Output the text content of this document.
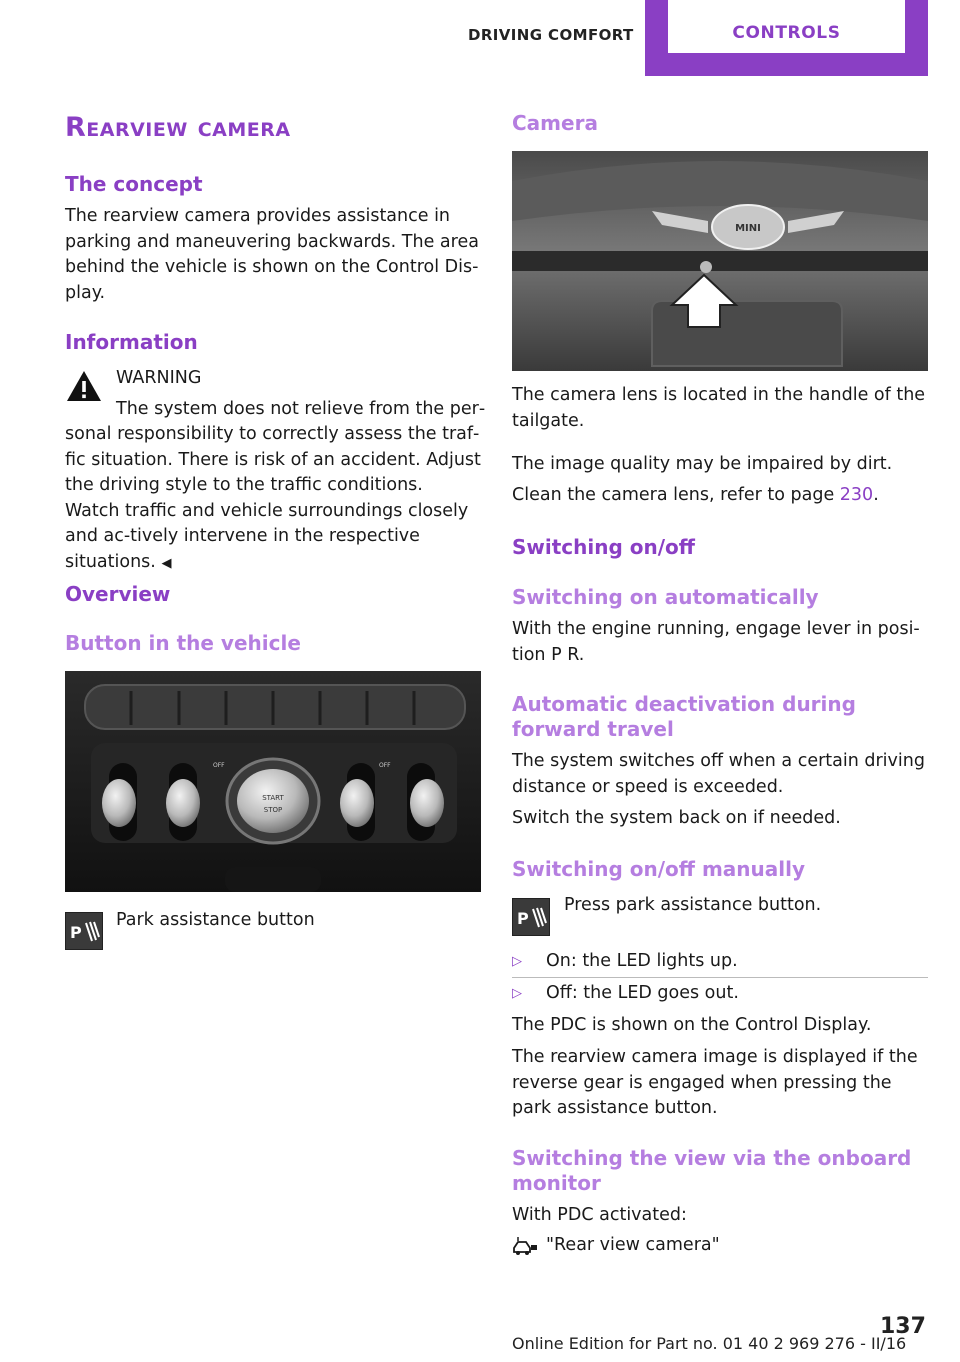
DRIVING COMFORT	CONTROLS
Rearview camera
The concept
The rearview camera provides assistance in parking and maneuvering backwards. The area behind the vehicle is shown on the Control Dis‐play.
Information
WARNING
The system does not relieve from the per‐
sonal responsibility to correctly assess the traf‐fic situation. There is risk of an accident. Adjust the driving style to the traffic conditions. Watch traffic and vehicle surroundings closely and ac‐tively intervene in the respective situations. ◀
Overview
Button in the vehicle
START
STOP
OFF	OFF
P
Park assistance button
Camera
MINI
The camera lens is located in the handle of the tailgate.
The image quality may be impaired by dirt.
Clean the camera lens, refer to page 230.
Switching on/off
Switching on automatically
With the engine running, engage lever in posi‐tion P R.
Automatic deactivation during forward travel
The system switches off when a certain driving distance or speed is exceeded.
Switch the system back on if needed.
Switching on/off manually
P
Press park assistance button.
▷ On: the LED lights up.
▷ Off: the LED goes out.
The PDC is shown on the Control Display.
The rearview camera image is displayed if the reverse gear is engaged when pressing the park assistance button.
Switching the view via the onboard monitor
With PDC activated:
"Rear view camera"
137
Online Edition for Part no. 01 40 2 969 276 - II/16
